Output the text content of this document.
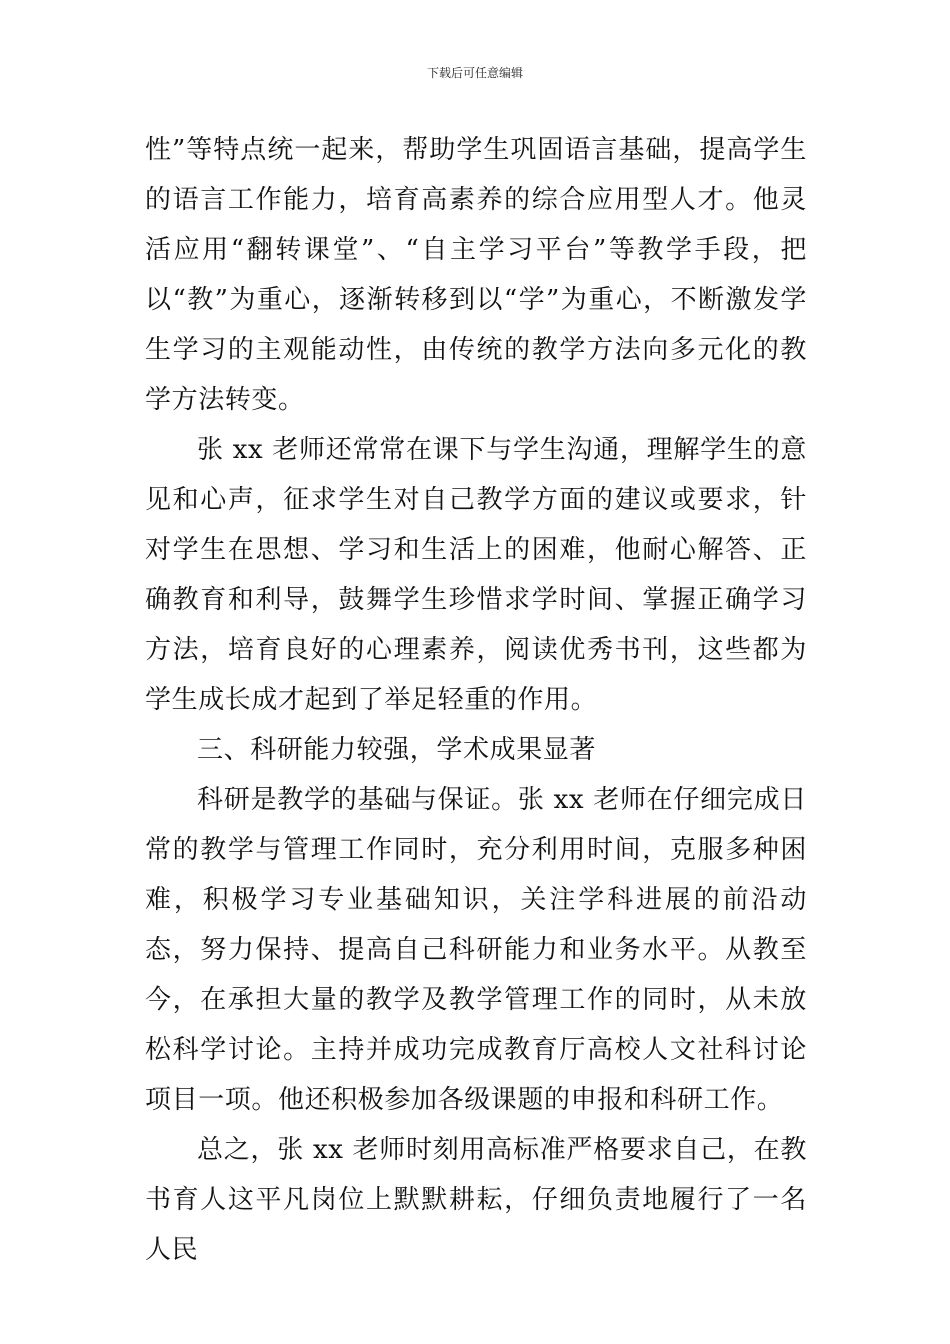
下载后可任意编辑

性”等特点统一起来，帮助学生巩固语言基础，提高学生的语言工作能力，培育高素养的综合应用型人才。他灵活应用“翻转课堂”、“自主学习平台”等教学手段，把以“教”为重心，逐渐转移到以“学”为重心，不断激发学生学习的主观能动性，由传统的教学方法向多元化的教学方法转变。

张 xx 老师还常常在课下与学生沟通，理解学生的意见和心声，征求学生对自己教学方面的建议或要求，针对学生在思想、学习和生活上的困难，他耐心解答、正确教育和利导，鼓舞学生珍惜求学时间、掌握正确学习方法，培育良好的心理素养，阅读优秀书刊，这些都为学生成长成才起到了举足轻重的作用。

三、科研能力较强，学术成果显著

科研是教学的基础与保证。张 xx 老师在仔细完成日常的教学与管理工作同时，充分利用时间，克服多种困难，积极学习专业基础知识，关注学科进展的前沿动态，努力保持、提高自己科研能力和业务水平。从教至今，在承担大量的教学及教学管理工作的同时，从未放松科学讨论。主持并成功完成教育厅高校人文社科讨论项目一项。他还积极参加各级课题的申报和科研工作。

总之，张 xx 老师时刻用高标准严格要求自己，在教书育人这平凡岗位上默默耕耘，仔细负责地履行了一名人民
